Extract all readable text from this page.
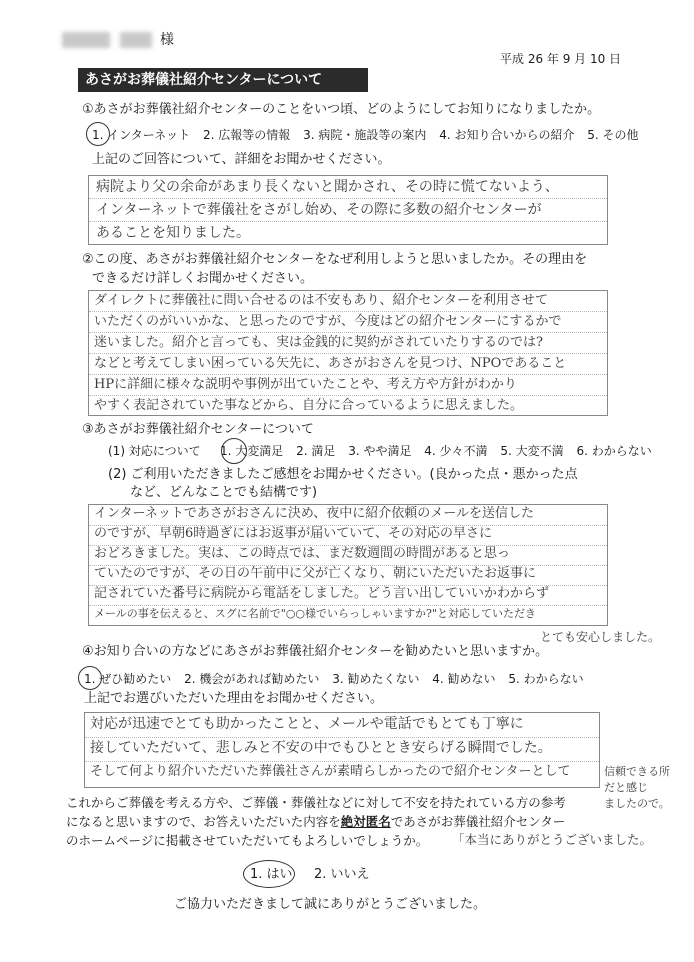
様
平成 26 年 9 月 10 日
あさがお葬儀社紹介センターについて
①あさがお葬儀社紹介センターのことをいつ頃、どのようにしてお知りになりましたか。
1. インターネット 2. 広報等の情報 3. 病院・施設等の案内 4. お知り合いからの紹介 5. その他
上記のご回答について、詳細をお聞かせください。
病院より父の余命があまり長くないと聞かされ、その時に慌てないよう、
インターネットで葬儀社をさがし始め、その際に多数の紹介センターが
あることを知りました。
②この度、あさがお葬儀社紹介センターをなぜ利用しようと思いましたか。その理由を
できるだけ詳しくお聞かせください。
ダイレクトに葬儀社に問い合せるのは不安もあり、紹介センターを利用させて
いただくのがいいかな、と思ったのですが、今度はどの紹介センターにするかで
迷いました。紹介と言っても、実は金銭的に契約がされていたりするのでは?
などと考えてしまい困っている矢先に、あさがおさんを見つけ、NPOであること
HPに詳細に様々な説明や事例が出ていたことや、考え方や方針がわかり
やすく表記されていた事などから、自分に合っているように思えました。
③あさがお葬儀社紹介センターについて
(1) 対応について 1. 大変満足 2. 満足 3. やや満足 4. 少々不満 5. 大変不満 6. わからない
(2) ご利用いただきましたご感想をお聞かせください。(良かった点・悪かった点
など、どんなことでも結構です)
インターネットであさがおさんに決め、夜中に紹介依頼のメールを送信した
のですが、早朝6時過ぎにはお返事が届いていて、その対応の早さに
おどろきました。実は、この時点では、まだ数週間の時間があると思っ
ていたのですが、その日の午前中に父が亡くなり、朝にいただいたお返事に
記されていた番号に病院から電話をしました。どう言い出していいかわからず
メールの事を伝えると、スグに名前で"○○様でいらっしゃいますか?"と対応していただき
とても安心しました。
④お知り合いの方などにあさがお葬儀社紹介センターを勧めたいと思いますか。
1. ぜひ勧めたい 2. 機会があれば勧めたい 3. 勧めたくない 4. 勧めない 5. わからない
上記でお選びいただいた理由をお聞かせください。
対応が迅速でとても助かったことと、メールや電話でもとても丁寧に
接していただいて、悲しみと不安の中でもひととき安らげる瞬間でした。
そして何より紹介いただいた葬儀社さんが素晴らしかったので紹介センターとして	信頼できる所
だと感じ
ましたので。
これからご葬儀を考える方や、ご葬儀・葬儀社などに対して不安を持たれている方の参考
になると思いますので、お答えいただいた内容を絶対匿名であさがお葬儀社紹介センター
のホームページに掲載させていただいてもよろしいでしょうか。 「本当にありがとうございました。
1. はい 2. いいえ
ご協力いただきまして誠にありがとうございました。
